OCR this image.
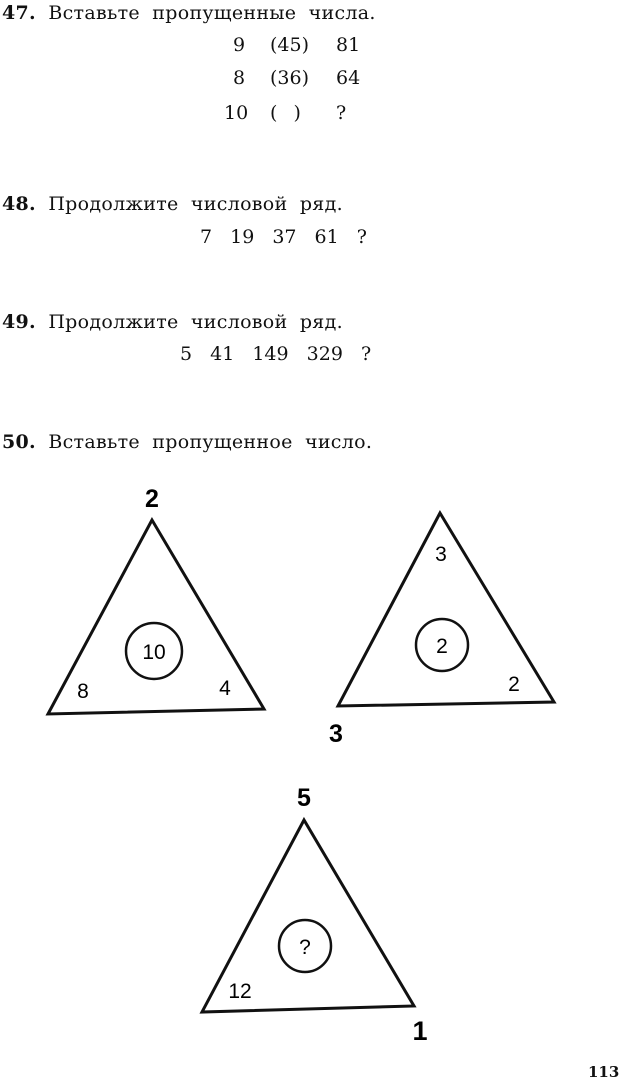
47. Вставьте пропущенные числа.
9 (45) 81
8 (36) 64
10 ( ) ?
48. Продолжите числовой ряд.
7 19 37 61 ?
49. Продолжите числовой ряд.
5 41 149 329 ?
50. Вставьте пропущенное число.
2
10
8	4
3
2
2
3
5
?
12
1
113
